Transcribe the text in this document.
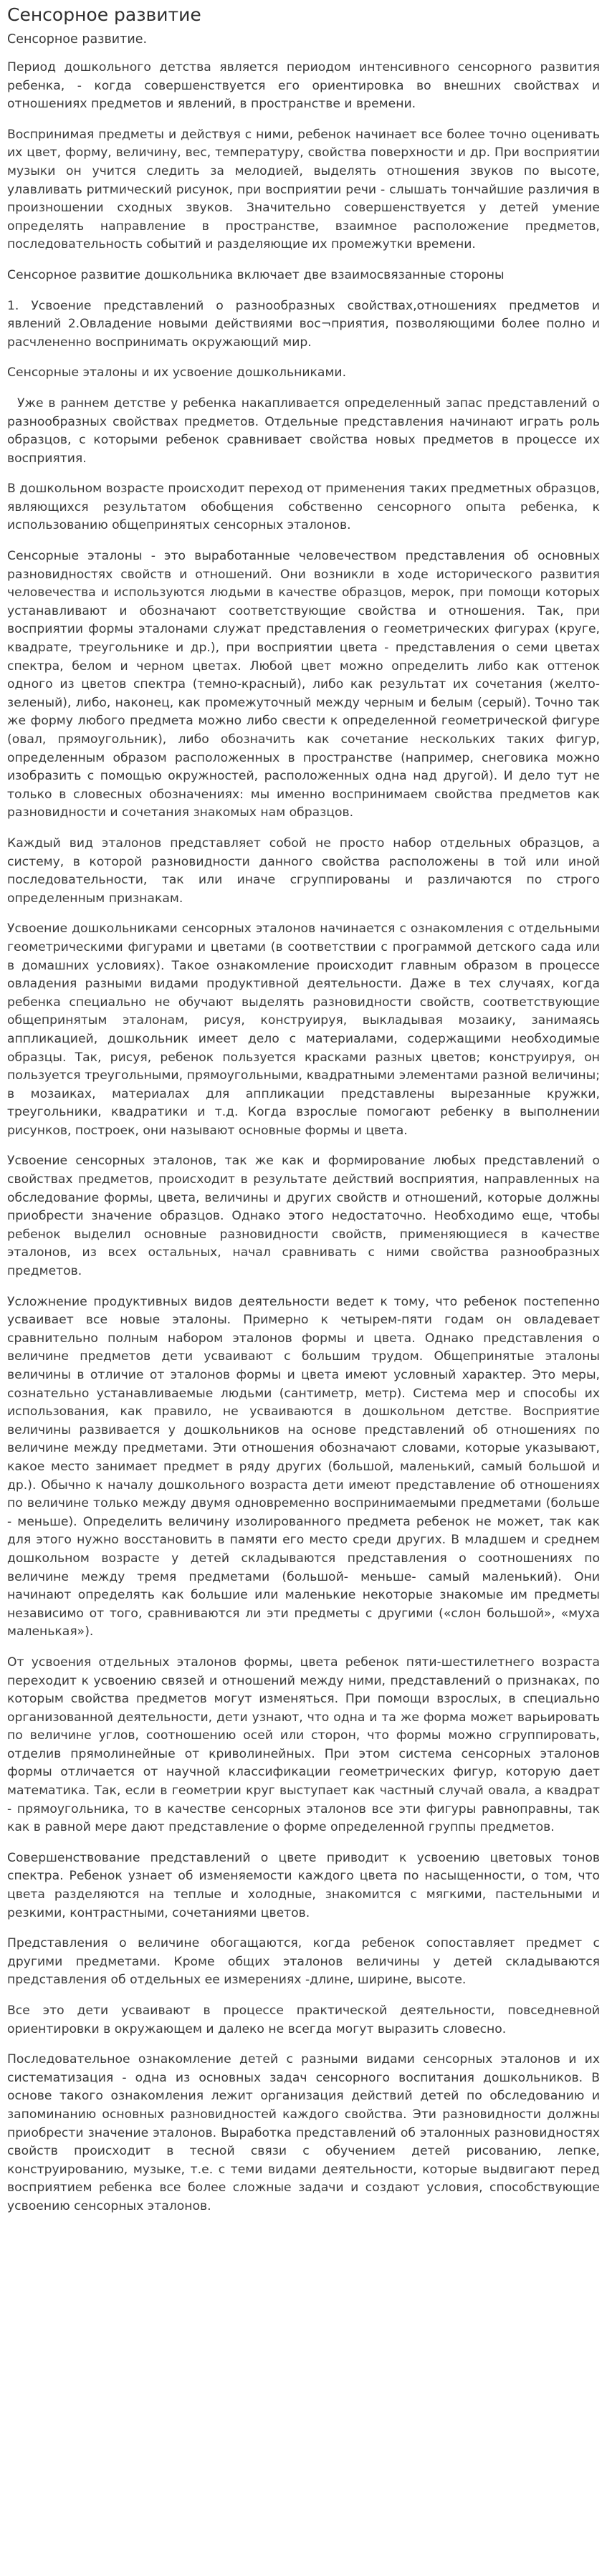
Сенсорное развитие
Сенсорное развитие.

Период дошкольного детства является периодом интенсивного сенсорного развития ребенка, - когда совершенствуется его ориентировка во внешних свойствах и отношениях предметов и явлений, в пространстве и времени.

Воспринимая предметы и действуя с ними, ребенок начинает все более точно оценивать их цвет, форму, величину, вес, температуру, свойства поверхности и др. При восприятии музыки он учится следить за мелодией, выделять отношения звуков по высоте, улавливать ритмический рисунок, при восприятии речи - слышать тончайшие различия в произношении сходных звуков. Значительно совершенствуется у детей умение определять направление в пространстве, взаимное расположение предметов, последовательность событий и разделяющие их промежутки времени.

Сенсорное развитие дошкольника включает две взаимосвязанные стороны

1. Усвоение представлений о разнообразных свойствах,отношениях предметов и явлений 2.Овладение новыми действиями вос¬приятия, позволяющими более полно и расчлененно воспринимать окружающий мир.

Сенсорные эталоны и их усвоение дошкольниками.

Уже в раннем детстве у ребенка накапливается определенный запас представлений о разнообразных свойствах предметов. Отдельные представления начинают играть роль образцов, с которыми ребенок сравнивает свойства новых предметов в процессе их восприятия.

В дошкольном возрасте происходит переход от применения таких предметных образцов, являющихся результатом обобщения собственно сенсорного опыта ребенка, к использованию общепринятых сенсорных эталонов.

Сенсорные эталоны - это выработанные человечеством представления об основных разновидностях свойств и отношений. Они возникли в ходе исторического развития человечества и используются людьми в качестве образцов, мерок, при помощи которых устанавливают и обозначают соответствующие свойства и отношения. Так, при восприятии формы эталонами служат представления о геометрических фигурах (круге, квадрате, треугольнике и др.), при восприятии цвета - представления о семи цветах спектра, белом и черном цветах. Любой цвет можно определить либо как оттенок одного из цветов спектра (темно-красный), либо как результат их сочетания (желто-зеленый), либо, наконец, как промежуточный между черным и белым (серый). Точно так же форму любого предмета можно либо свести к определенной геометрической фигуре (овал, прямоугольник), либо обозначить как сочетание нескольких таких фигур, определенным образом расположенных в пространстве (например, снеговика можно изобразить с помощью окружностей, расположенных одна над другой). И дело тут не только в словесных обозначениях: мы именно воспринимаем свойства предметов как разновидности и сочетания знакомых нам образцов.

Каждый вид эталонов представляет собой не просто набор отдельных образцов, а систему, в которой разновидности данного свойства расположены в той или иной последовательности, так или иначе сгруппированы и различаются по строго определенным признакам.

Усвоение дошкольниками сенсорных эталонов начинается с ознакомления с отдельными геометрическими фигурами и цветами (в соответствии с программой детского сада или в домашних условиях). Такое ознакомление происходит главным образом в процессе овладения разными видами продуктивной деятельности. Даже в тех случаях, когда ребенка специально не обучают выделять разновидности свойств, соответствующие общепринятым эталонам, рисуя, конструируя, выкладывая мозаику, занимаясь аппликацией, дошкольник имеет дело с материалами, содержащими необходимые образцы. Так, рисуя, ребенок пользуется красками разных цветов; конструируя, он пользуется треугольными, прямоугольными, квадратными элементами разной величины; в мозаиках, материалах для аппликации представлены вырезанные кружки, треугольники, квадратики и т.д. Когда взрослые помогают ребенку в выполнении рисунков, построек, они называют основные формы и цвета.

Усвоение сенсорных эталонов, так же как и формирование любых представлений о свойствах предметов, происходит в результате действий восприятия, направленных на обследование формы, цвета, величины и других свойств и отношений, которые должны приобрести значение образцов. Однако этого недостаточно. Необходимо еще, чтобы ребенок выделил основные разновидности свойств, применяющиеся в качестве эталонов, из всех остальных, начал сравнивать с ними свойства разнообразных предметов.

Усложнение продуктивных видов деятельности ведет к тому, что ребенок постепенно усваивает все новые эталоны. Примерно к четырем-пяти годам он овладевает сравнительно полным набором эталонов формы и цвета. Однако представления о величине предметов дети усваивают с большим трудом. Общепринятые эталоны величины в отличие от эталонов формы и цвета имеют условный характер. Это меры, сознательно устанавливаемые людьми (сантиметр, метр). Система мер и способы их использования, как правило, не усваиваются в дошкольном детстве. Восприятие величины развивается у дошкольников на основе представлений об отношениях по величине между предметами. Эти отношения обозначают словами, которые указывают, какое место занимает предмет в ряду других (большой, маленький, самый большой и др.). Обычно к началу дошкольного возраста дети имеют представление об отношениях по величине только между двумя одновременно воспринимаемыми предметами (больше - меньше). Определить величину изолированного предмета ребенок не может, так как для этого нужно восстановить в памяти его место среди других. В младшем и среднем дошкольном возрасте у детей складываются представления о соотношениях по величине между тремя предметами (большой- меньше- самый маленький). Они начинают определять как большие или маленькие некоторые знакомые им предметы независимо от того, сравниваются ли эти предметы с другими («слон большой», «муха маленькая»).

От усвоения отдельных эталонов формы, цвета ребенок пяти-шестилетнего возраста переходит к усвоению связей и отношений между ними, представлений о признаках, по которым свойства предметов могут изменяться. При помощи взрослых, в специально организованной деятельности, дети узнают, что одна и та же форма может варьировать по величине углов, соотношению осей или сторон, что формы можно сгруппировать, отделив прямолинейные от криволинейных. При этом система сенсорных эталонов формы отличается от научной классификации геометрических фигур, которую дает математика. Так, если в геометрии круг выступает как частный случай овала, а квадрат - прямоугольника, то в качестве сенсорных эталонов все эти фигуры равноправны, так как в равной мере дают представление о форме определенной группы предметов.

Совершенствование представлений о цвете приводит к усвоению цветовых тонов спектра. Ребенок узнает об изменяемости каждого цвета по насыщенности, о том, что цвета разделяются на теплые и холодные, знакомится с мягкими, пастельными и резкими, контрастными, сочетаниями цветов.

Представления о величине обогащаются, когда ребенок сопоставляет предмет с другими предметами. Кроме общих эталонов величины у детей складываются представления об отдельных ее измерениях -длине, ширине, высоте.

Все это дети усваивают в процессе практической деятельности, повседневной ориентировки в окружающем и далеко не всегда могут выразить словесно.

Последовательное ознакомление детей с разными видами сенсорных эталонов и их систематизация - одна из основных задач сенсорного воспитания дошкольников. В основе такого ознакомления лежит организация действий детей по обследованию и запоминанию основных разновидностей каждого свойства. Эти разновидности должны приобрести значение эталонов. Выработка представлений об эталонных разновидностях свойств происходит в тесной связи с обучением детей рисованию, лепке, конструированию, музыке, т.е. с теми видами деятельности, которые выдвигают перед восприятием ребенка все более сложные задачи и создают условия, способствующие усвоению сенсорных эталонов.
